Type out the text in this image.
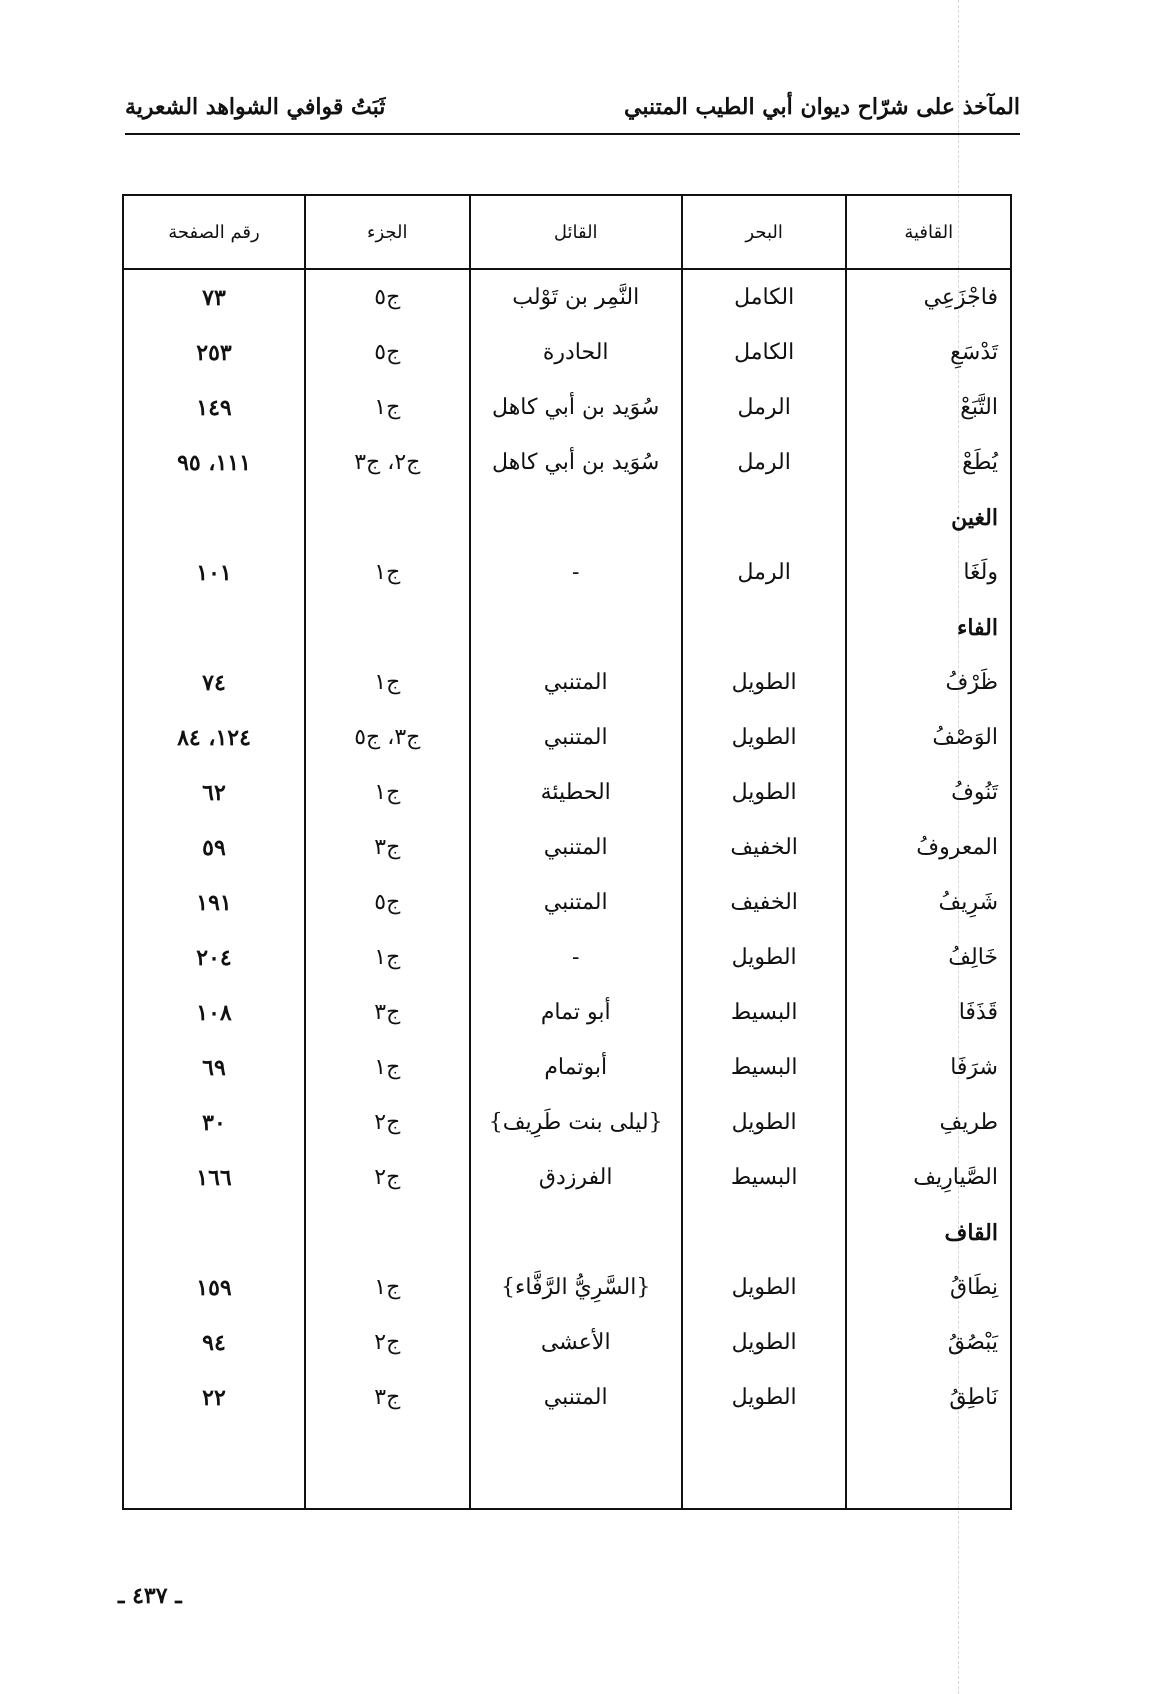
المآخذ على شرّاح ديوان أبي الطيب المتنبي
ثَبَتُ قوافي الشواهد الشعرية
القافية	البحر	القائل	الجزء	رقم الصفحة
فاجْزَعِي	الكامل	النَّمِر بن تَوْلب	ج٥	٧٣
تَدْسَعِ	الكامل	الحادرة	ج٥	٢٥٣
التَّبَعْ	الرمل	سُوَيد بن أبي كاهل	ج١	١٤٩
يُطَعْ	الرمل	سُوَيد بن أبي كاهل	ج٢، ج٣	١١١، ٩٥
الغين				
ولَغَا	الرمل	-	ج١	١٠١
الفاء				
ظَرْفُ	الطويل	المتنبي	ج١	٧٤
الوَصْفُ	الطويل	المتنبي	ج٣، ج٥	١٢٤، ٨٤
تَنُوفُ	الطويل	الحطيئة	ج١	٦٢
المعروفُ	الخفيف	المتنبي	ج٣	٥٩
شَرِيفُ	الخفيف	المتنبي	ج٥	١٩١
خَالِفُ	الطويل	-	ج١	٢٠٤
قَذَفَا	البسيط	أبو تمام	ج٣	١٠٨
شرَفَا	البسيط	أبوتمام	ج١	٦٩
طريفِ	الطويل	{ليلى بنت طَرِيف}	ج٢	٣٠
الصَّيارِيف	البسيط	الفرزدق	ج٢	١٦٦
القاف				
نِطَاقُ	الطويل	{السَّرِيُّ الرَّفَّاء}	ج١	١٥٩
يَبْصُقُ	الطويل	الأعشى	ج٢	٩٤
نَاطِقُ	الطويل	المتنبي	ج٣	٢٢

ـ ٤٣٧ ـ
